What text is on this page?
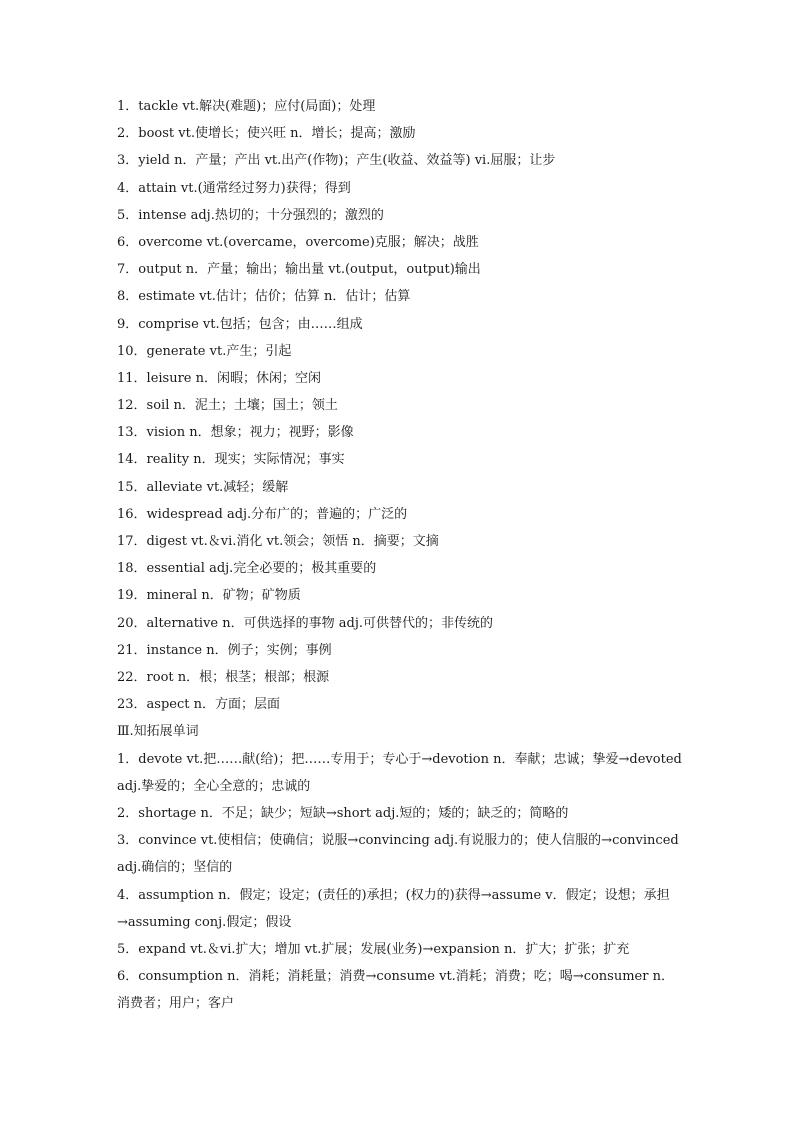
1．tackle vt.解决(难题)；应付(局面)；处理
2．boost vt.使增长；使兴旺 n．增长；提高；激励
3．yield n．产量；产出 vt.出产(作物)；产生(收益、效益等) vi.屈服；让步
4．attain vt.(通常经过努力)获得；得到
5．intense adj.热切的；十分强烈的；激烈的
6．overcome vt.(overcame，overcome)克服；解决；战胜
7．output n．产量；输出；输出量 vt.(output，output)输出
8．estimate vt.估计；估价；估算 n．估计；估算
9．comprise vt.包括；包含；由……组成
10．generate vt.产生；引起
11．leisure n．闲暇；休闲；空闲
12．soil n．泥土；土壤；国土；领土
13．vision n．想象；视力；视野；影像
14．reality n．现实；实际情况；事实
15．alleviate vt.减轻；缓解
16．widespread adj.分布广的；普遍的；广泛的
17．digest vt.＆vi.消化 vt.领会；领悟 n．摘要；文摘
18．essential adj.完全必要的；极其重要的
19．mineral n．矿物；矿物质
20．alternative n．可供选择的事物 adj.可供替代的；非传统的
21．instance n．例子；实例；事例
22．root n．根；根茎；根部；根源
23．aspect n．方面；层面
Ⅲ.知拓展单词
1．devote vt.把……献(给)；把……专用于；专心于→devotion n．奉献；忠诚；挚爱→devoted adj.挚爱的；全心全意的；忠诚的
2．shortage n．不足；缺少；短缺→short adj.短的；矮的；缺乏的；简略的
3．convince vt.使相信；使确信；说服→convincing adj.有说服力的；使人信服的→convinced adj.确信的；坚信的
4．assumption n．假定；设定；(责任的)承担；(权力的)获得→assume v．假定；设想；承担→assuming conj.假定；假设
5．expand vt.＆vi.扩大；增加 vt.扩展；发展(业务)→expansion n．扩大；扩张；扩充
6．consumption n．消耗；消耗量；消费→consume vt.消耗；消费；吃；喝→consumer n．消费者；用户；客户
